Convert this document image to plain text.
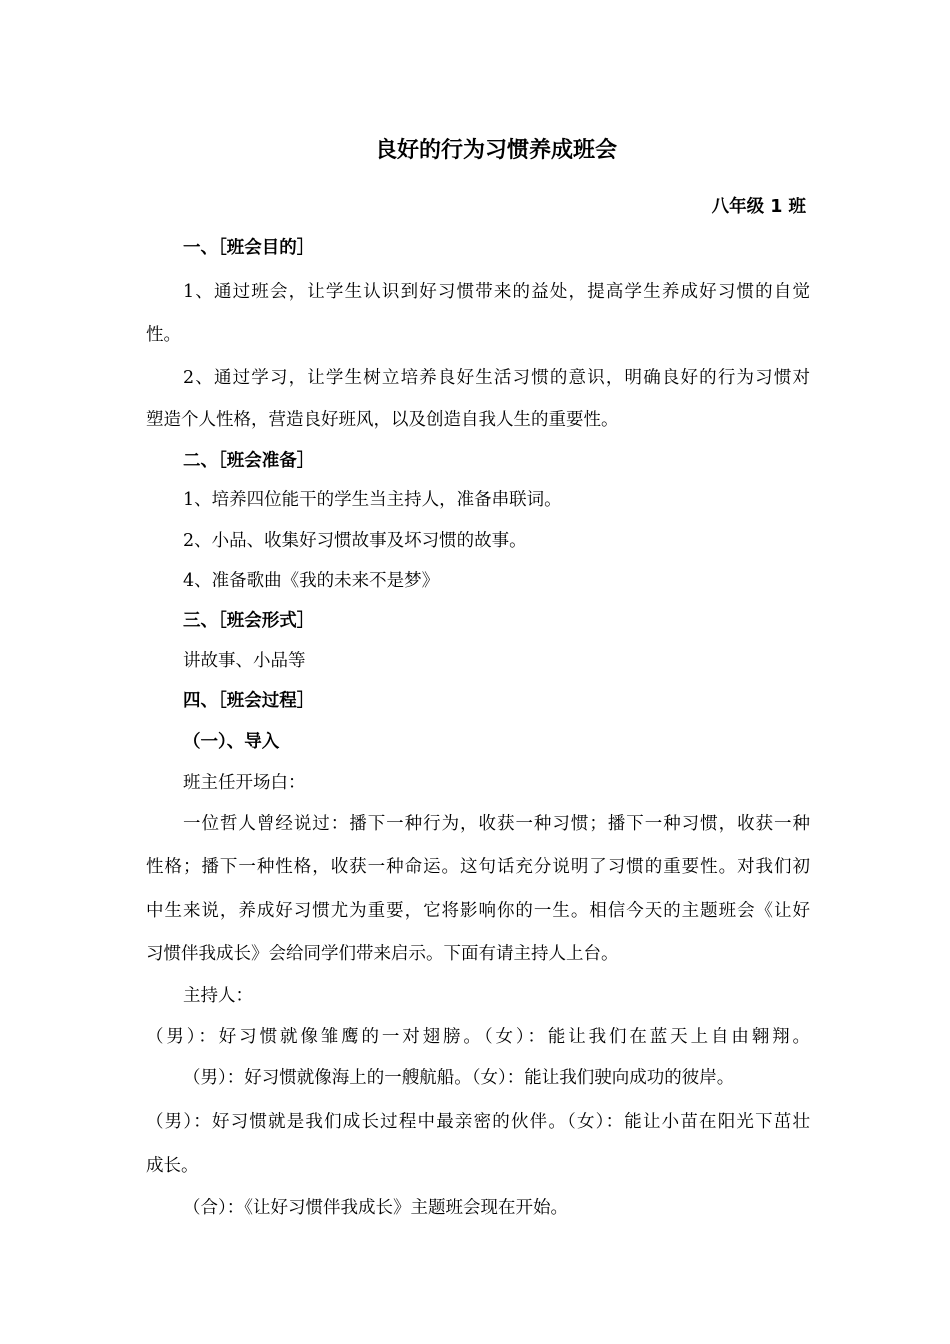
良好的行为习惯养成班会
八年级 1 班
一、［班会目的］
1、通过班会，让学生认识到好习惯带来的益处，提高学生养成好习惯的自觉
性。
2、通过学习，让学生树立培养良好生活习惯的意识，明确良好的行为习惯对
塑造个人性格，营造良好班风，以及创造自我人生的重要性。
二、［班会准备］
1、培养四位能干的学生当主持人，准备串联词。
2、小品、收集好习惯故事及坏习惯的故事。
4、准备歌曲《我的未来不是梦》
三、［班会形式］
讲故事、小品等
四、［班会过程］
（一）、导入
班主任开场白：
一位哲人曾经说过：播下一种行为，收获一种习惯；播下一种习惯，收获一种
性格；播下一种性格，收获一种命运。这句话充分说明了习惯的重要性。对我们初
中生来说，养成好习惯尤为重要，它将影响你的一生。相信今天的主题班会《让好
习惯伴我成长》会给同学们带来启示。下面有请主持人上台。
主持人：
（男）：好习惯就像雏鹰的一对翅膀。（女）：能让我们在蓝天上自由翱翔。
（男）：好习惯就像海上的一艘航船。（女）：能让我们驶向成功的彼岸。
（男）：好习惯就是我们成长过程中最亲密的伙伴。（女）：能让小苗在阳光下茁壮
成长。
（合）：《让好习惯伴我成长》主题班会现在开始。
